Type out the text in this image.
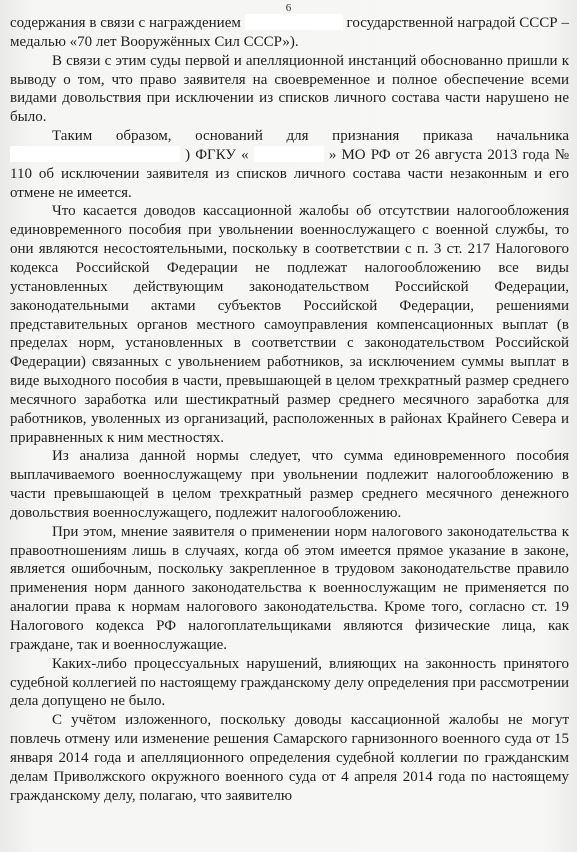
6

содержания в связи с награждением	государственной наградой СССР – медалью «70 лет Вооружённых Сил СССР»).

В связи с этим суды первой и апелляционной инстанций обоснованно пришли к выводу о том, что право заявителя на своевременное и полное обеспечение всеми видами довольствия при исключении из списков личного состава части нарушено не было.

Таким образом, оснований для признания приказа начальника  ) ФГКУ «	» МО РФ от 26 августа 2013 года № 110 об исключении заявителя из списков личного состава части незаконным и его отмене не имеется.

Что касается доводов кассационной жалобы об отсутствии налогообложения единовременного пособия при увольнении военнослужащего с военной службы, то они являются несостоятельными, поскольку в соответствии с п. 3 ст. 217 Налогового кодекса Российской Федерации не подлежат налогообложению все виды установленных действующим законодательством Российской Федерации, законодательными актами субъектов Российской Федерации, решениями представительных органов местного самоуправления компенсационных выплат (в пределах норм, установленных в соответствии с законодательством Российской Федерации) связанных с увольнением работников, за исключением суммы выплат в виде выходного пособия в части, превышающей в целом трехкратный размер среднего месячного заработка или шестикратный размер среднего месячного заработка для работников, уволенных из организаций, расположенных в районах Крайнего Севера и приравненных к ним местностях.

Из анализа данной нормы следует, что сумма единовременного пособия выплачиваемого военнослужащему при увольнении подлежит налогообложению в части превышающей в целом трехкратный размер среднего месячного денежного довольствия военнослужащего, подлежит налогообложению.

При этом, мнение заявителя о применении норм налогового законодательства к правоотношениям лишь в случаях, когда об этом имеется прямое указание в законе, является ошибочным, поскольку закрепленное в трудовом законодательстве правило применения норм данного законодательства к военнослужащим не применяется по аналогии права к нормам налогового законодательства. Кроме того, согласно ст. 19 Налогового кодекса РФ налогоплательщиками являются физические лица, как граждане, так и военнослужащие.

Каких-либо процессуальных нарушений, влияющих на законность принятого судебной коллегией по настоящему гражданскому делу определения при рассмотрении дела допущено не было.

С учётом изложенного, поскольку доводы кассационной жалобы не могут повлечь отмену или изменение решения Самарского гарнизонного военного суда от 15 января 2014 года и апелляционного определения судебной коллегии по гражданским делам Приволжского окружного военного суда от 4 апреля 2014 года по настоящему гражданскому делу, полагаю, что заявителю
